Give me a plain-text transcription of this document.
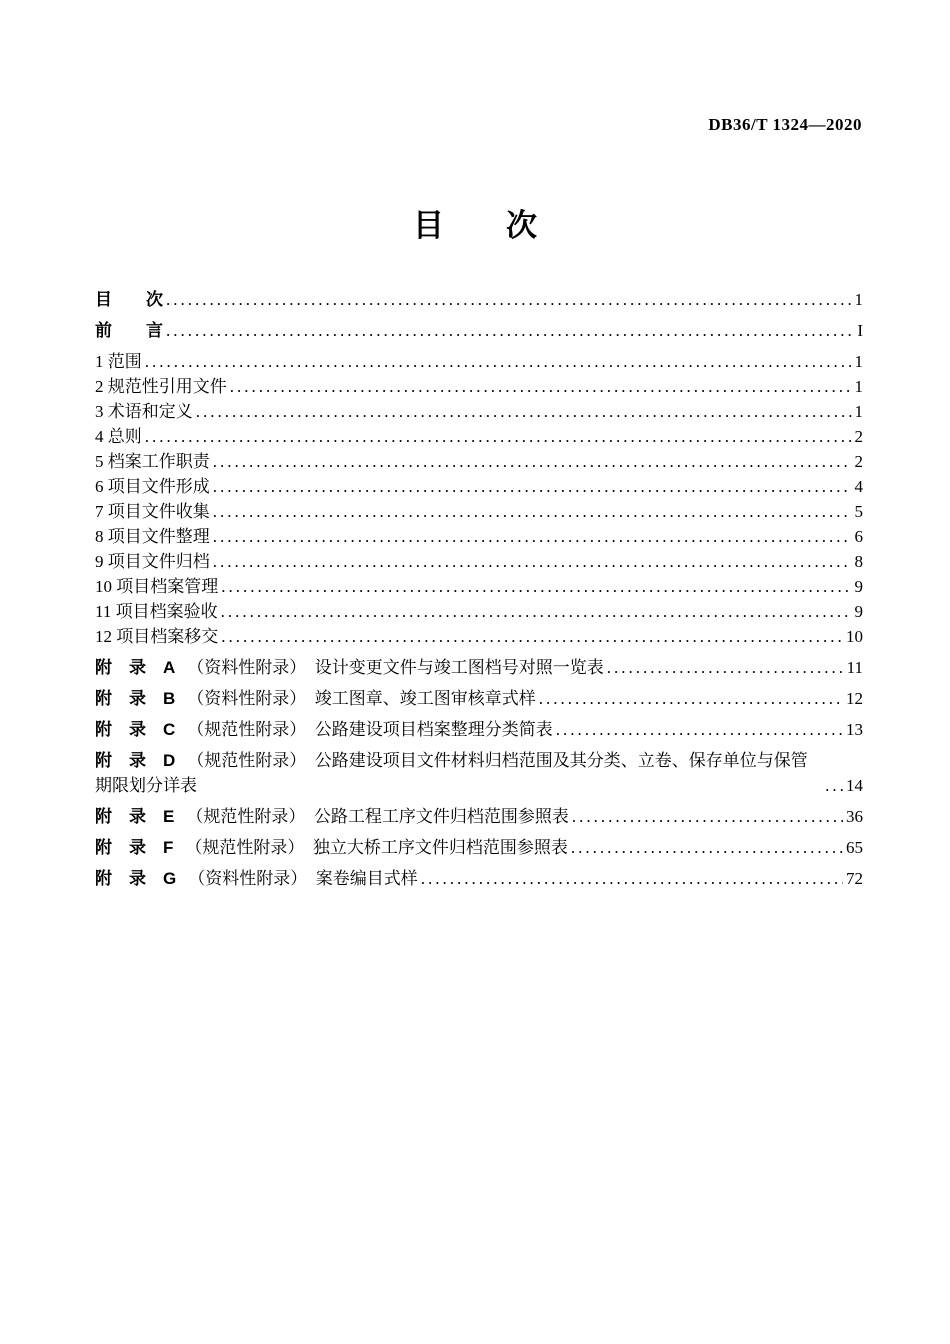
DB36/T 1324—2020
目　　次
目　　次 .....	1
前　　言 .....	I
1 范围 .....	1
2 规范性引用文件 .....	1
3 术语和定义 .....	1
4 总则 .....	2
5 档案工作职责 .....	2
6 项目文件形成 .....	4
7 项目文件收集 .....	5
8 项目文件整理 .....	6
9 项目文件归档 .....	8
10 项目档案管理 .....	9
11 项目档案验收 .....	9
12 项目档案移交 .....	10
附　录　A （资料性附录）　设计变更文件与竣工图档号对照一览表 .....	11
附　录　B （资料性附录）　竣工图章、竣工图审核章式样 .....	12
附　录　C （规范性附录）　公路建设项目档案整理分类简表 .....	13
附　录　D （规范性附录）　公路建设项目文件材料归档范围及其分类、立卷、保存单位与保管期限划分详表 .....	14
附　录　E （规范性附录）　公路工程工序文件归档范围参照表 .....	36
附　录　F （规范性附录）　独立大桥工序文件归档范围参照表 .....	65
附　录　G （资料性附录）　案卷编目式样 .....	72
